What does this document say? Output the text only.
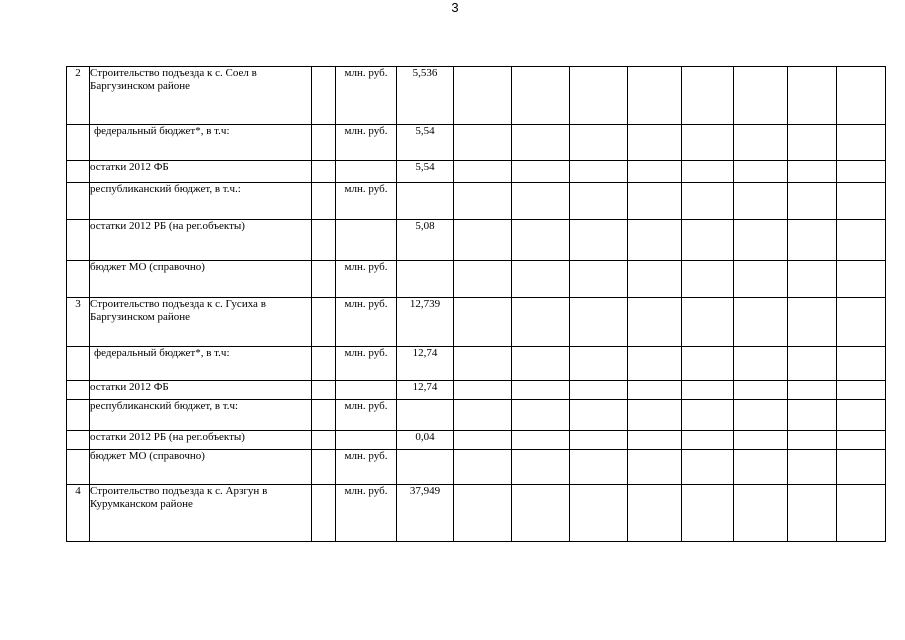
3
2	Строительство подъезда к с. Соел в Баргузинском районе		млн. руб.	5,536								
	федеральный бюджет*, в т.ч:		млн. руб.	5,54								
	остатки 2012 ФБ			5,54								
	республиканский бюджет, в т.ч.:		млн. руб.									
	остатки 2012 РБ (на рег.объекты)			5,08								
	бюджет МО (справочно)		млн. руб.									
3	Строительство подъезда к с. Гусиха в Баргузинском районе		млн. руб.	12,739								
	федеральный бюджет*, в т.ч:		млн. руб.	12,74								
	остатки 2012 ФБ			12,74								
	республиканский бюджет, в т.ч:		млн. руб.									
	остатки 2012 РБ (на рег.объекты)			0,04								
	бюджет МО (справочно)		млн. руб.									
4	Строительство подъезда к с. Арзгун в Курумканском районе		млн. руб.	37,949								
